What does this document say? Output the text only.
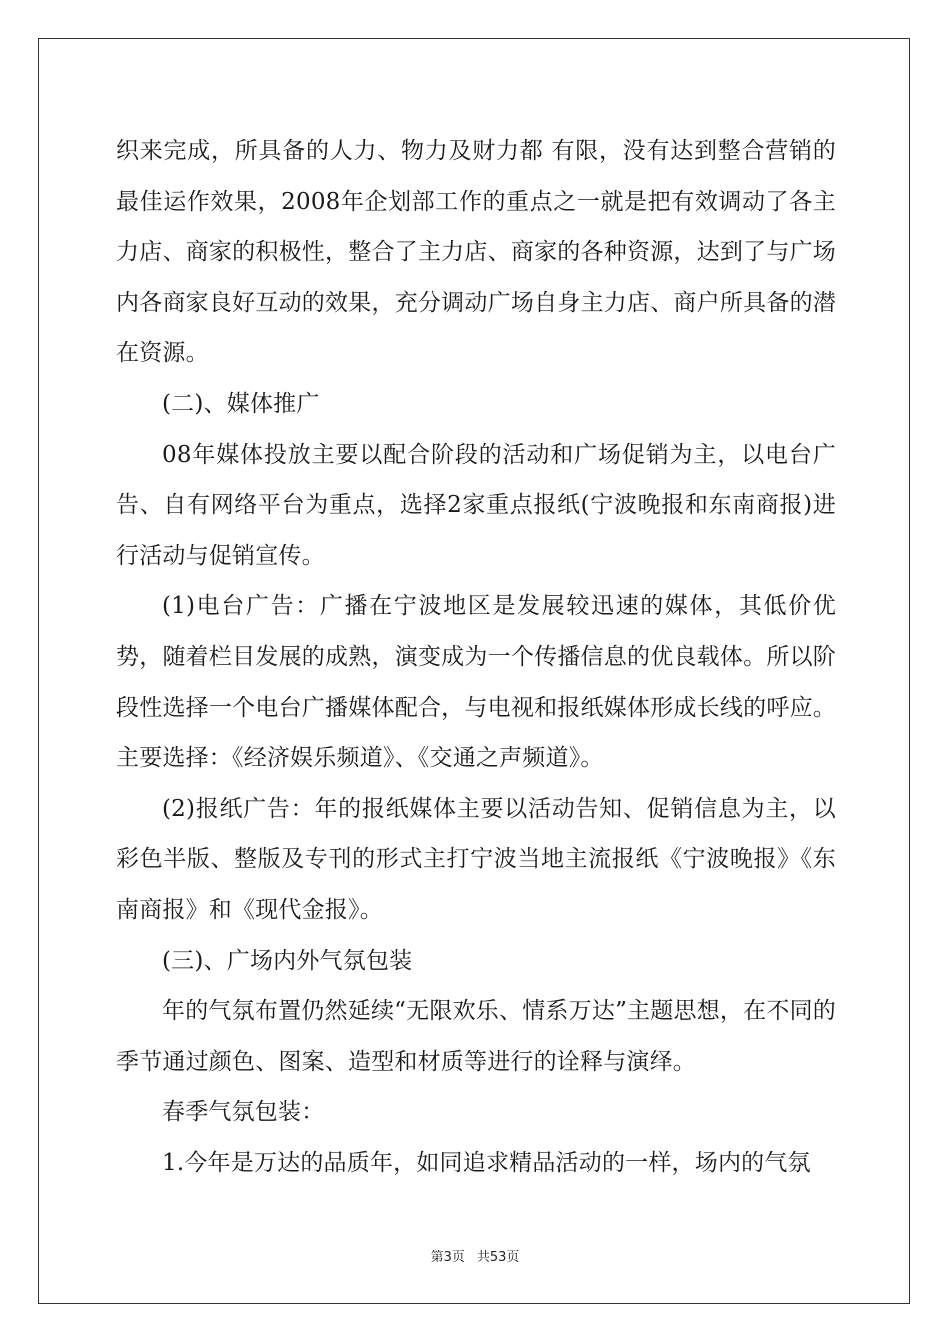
织来完成，所具备的人力、物力及财力都 有限，没有达到整合营销的最佳运作效果，2008年企划部工作的重点之一就是把有效调动了各主力店、商家的积极性，整合了主力店、商家的各种资源，达到了与广场内各商家良好互动的效果，充分调动广场自身主力店、商户所具备的潜在资源。

(二)、媒体推广

08年媒体投放主要以配合阶段的活动和广场促销为主，以电台广告、自有网络平台为重点，选择2家重点报纸(宁波晚报和东南商报)进行活动与促销宣传。

(1)电台广告：广播在宁波地区是发展较迅速的媒体，其低价优势，随着栏目发展的成熟，演变成为一个传播信息的优良载体。所以阶段性选择一个电台广播媒体配合，与电视和报纸媒体形成长线的呼应。主要选择：《经济娱乐频道》、《交通之声频道》。

(2)报纸广告：年的报纸媒体主要以活动告知、促销信息为主，以彩色半版、整版及专刊的形式主打宁波当地主流报纸《宁波晚报》《东南商报》和《现代金报》。

(三)、广场内外气氛包装

年的气氛布置仍然延续“无限欢乐、情系万达”主题思想，在不同的季节通过颜色、图案、造型和材质等进行的诠释与演绎。

春季气氛包装：

1.今年是万达的品质年，如同追求精品活动的一样，场内的气氛

第3页 共53页
